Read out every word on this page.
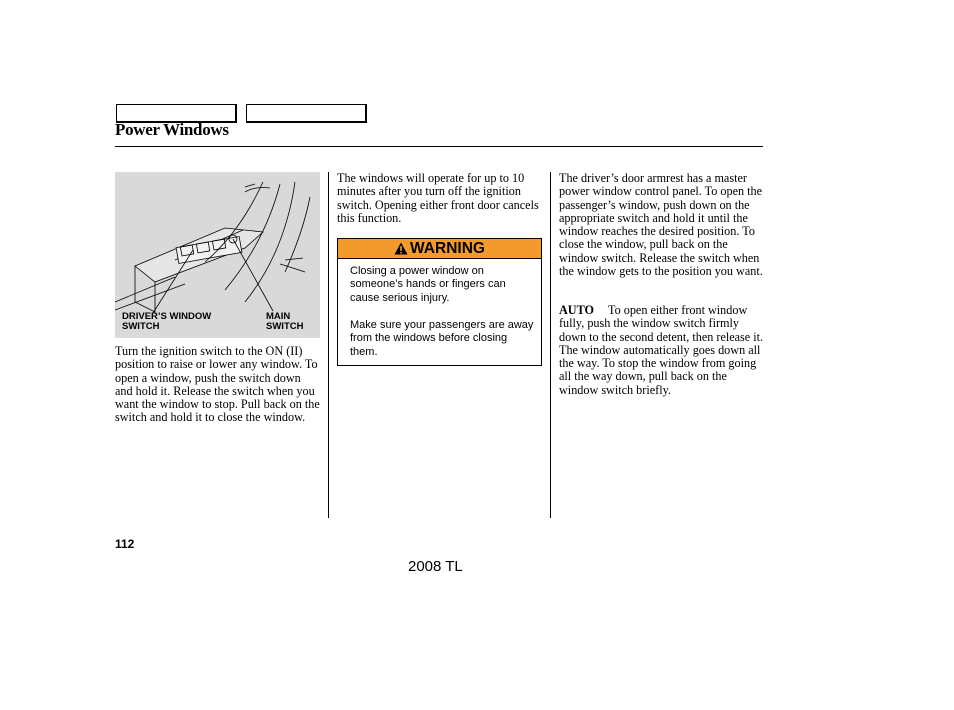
Power Windows
DRIVER’S WINDOW SWITCH
MAIN SWITCH

Turn the ignition switch to the ON (II) position to raise or lower any window. To open a window, push the switch down and hold it. Release the switch when you want the window to stop. Pull back on the switch and hold it to close the window.

The windows will operate for up to 10 minutes after you turn off the ignition switch. Opening either front door cancels this function.

WARNING

Closing a power window on someone’s hands or fingers can cause serious injury.

Make sure your passengers are away from the windows before closing them.

The driver’s door armrest has a master power window control panel. To open the passenger’s window, push down on the appropriate switch and hold it until the window reaches the desired position. To close the window, pull back on the window switch. Release the switch when the window gets to the position you want.

AUTO To open either front window fully, push the window switch firmly down to the second detent, then release it. The window automatically goes down all the way. To stop the window from going all the way down, pull back on the window switch briefly.

112
2008 TL
